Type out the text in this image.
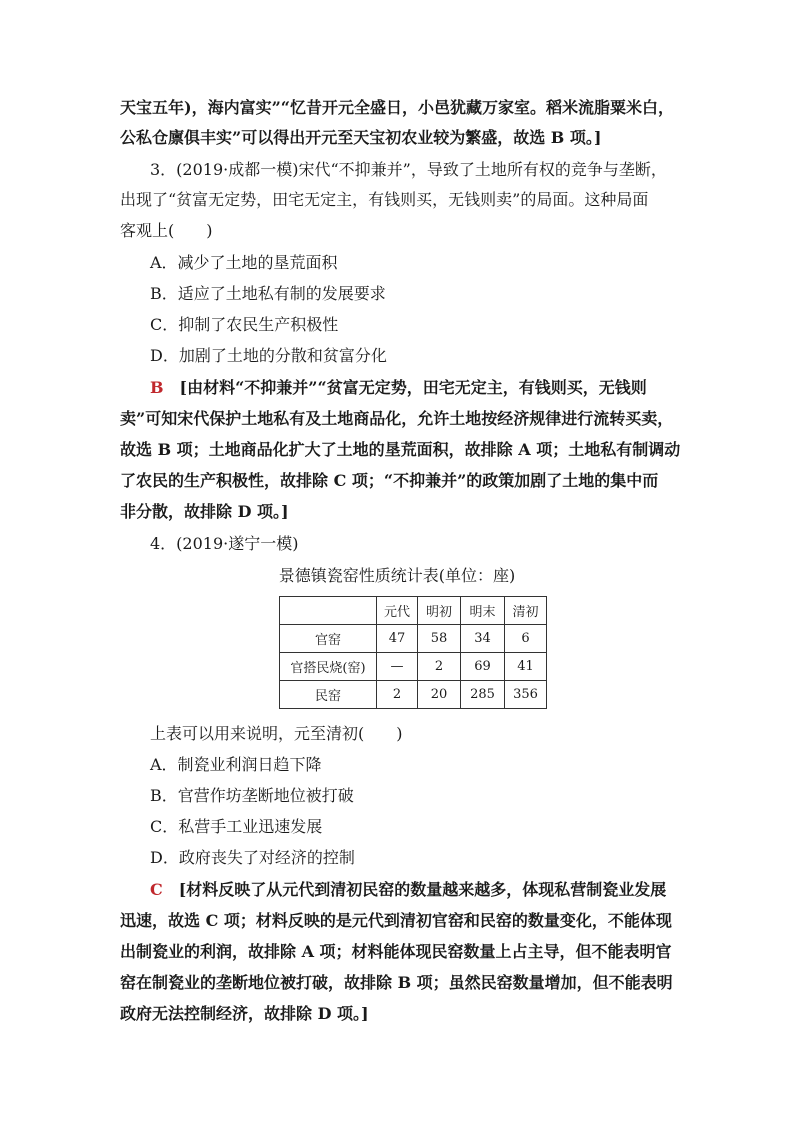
天宝五年)，海内富实”“忆昔开元全盛日，小邑犹藏万家室。稻米流脂粟米白，
公私仓廪俱丰实”可以得出开元至天宝初农业较为繁盛，故选 B 项。]
3．(2019·成都一模)宋代“不抑兼并”，导致了土地所有权的竞争与垄断，
出现了“贫富无定势，田宅无定主，有钱则买，无钱则卖”的局面。这种局面
客观上(　　)
A．减少了土地的垦荒面积
B．适应了土地私有制的发展要求
C．抑制了农民生产积极性
D．加剧了土地的分散和贫富分化
B　[由材料“不抑兼并”“贫富无定势，田宅无定主，有钱则买，无钱则
卖”可知宋代保护土地私有及土地商品化，允许土地按经济规律进行流转买卖，
故选 B 项；土地商品化扩大了土地的垦荒面积，故排除 A 项；土地私有制调动
了农民的生产积极性，故排除 C 项；“不抑兼并”的政策加剧了土地的集中而
非分散，故排除 D 项。]
4．(2019·遂宁一模)
景德镇瓷窑性质统计表(单位：座)
	元代	明初	明末	清初
官窑	47	58	34	6
官搭民烧(窑)	—	2	69	41
民窑	2	20	285	356
上表可以用来说明，元至清初(　　)
A．制瓷业利润日趋下降
B．官营作坊垄断地位被打破
C．私营手工业迅速发展
D．政府丧失了对经济的控制
C　[材料反映了从元代到清初民窑的数量越来越多，体现私营制瓷业发展
迅速，故选 C 项；材料反映的是元代到清初官窑和民窑的数量变化，不能体现
出制瓷业的利润，故排除 A 项；材料能体现民窑数量上占主导，但不能表明官
窑在制瓷业的垄断地位被打破，故排除 B 项；虽然民窑数量增加，但不能表明
政府无法控制经济，故排除 D 项。]
